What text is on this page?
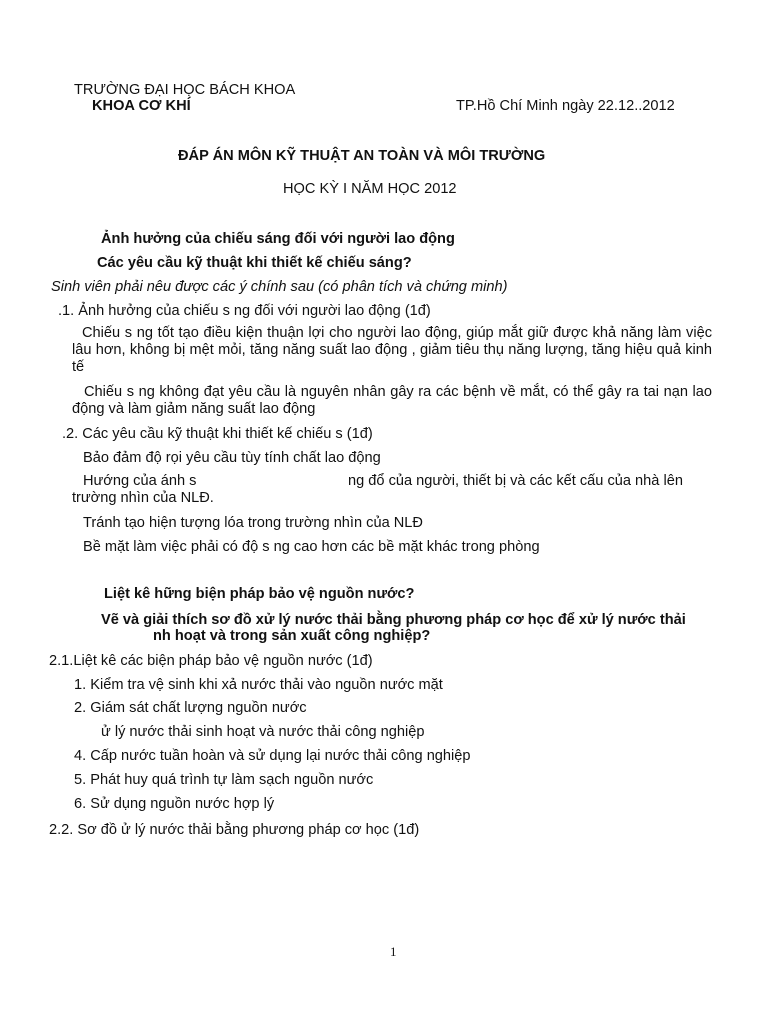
TRƯỜNG ĐẠI HỌC BÁCH KHOA
KHOA CƠ KHÍ	TP.Hồ Chí Minh ngày 22.12..2012
ĐÁP ÁN MÔN KỸ THUẬT AN TOÀN VÀ MÔI TRƯỜNG
HỌC KỲ I NĂM HỌC 2012
Ảnh hưởng của chiếu sáng đối với người lao động
Các yêu cầu kỹ thuật khi thiết kế chiếu sáng?
Sinh viên phải nêu được các ý chính sau (có phân tích và chứng minh)
.1. Ảnh hưởng của chiếu s ng đối với người lao động (1đ)
Chiếu s ng tốt tạo điều kiện thuận lợi cho người lao động, giúp mắt giữ được khả năng làm việc lâu hơn, không bị mệt mỏi, tăng năng suất lao động , giảm tiêu thụ năng lượng, tăng hiệu quả kinh tế
Chiếu s ng không đạt yêu cầu là nguyên nhân gây ra các bệnh về mắt, có thể gây ra tai nạn lao động và làm giảm năng suất lao động
.2. Các yêu cầu kỹ thuật khi thiết kế chiếu s (1đ)
Bảo đảm độ rọi yêu cầu tùy tính chất lao động
Hướng của ánh s	ng đổ của người, thiết bị và các kết cấu của nhà lên
trường nhìn của NLĐ.
Tránh tạo hiện tượng lóa trong trường nhìn của NLĐ
Bề mặt làm việc phải có độ s ng cao hơn các bề mặt khác trong phòng
Liệt kê hững biện pháp bảo vệ nguồn nước?
Vẽ và giải thích sơ đồ xử lý nước thải bằng phương pháp cơ học để xử lý nước thải
nh hoạt và trong sản xuất công nghiệp?
2.1.Liệt kê các biện pháp bảo vệ nguồn nước (1đ)
1. Kiểm tra vệ sinh khi xả nước thải vào nguồn nước mặt
2. Giám sát chất lượng nguồn nước
ử lý nước thải sinh hoạt và nước thải công nghiệp
4. Cấp nước tuần hoàn và sử dụng lại nước thải công nghiệp
5. Phát huy quá trình tự làm sạch nguồn nước
6. Sử dụng nguồn nước hợp lý
2.2. Sơ đồ ử lý nước thải bằng phương pháp cơ học (1đ)
1
